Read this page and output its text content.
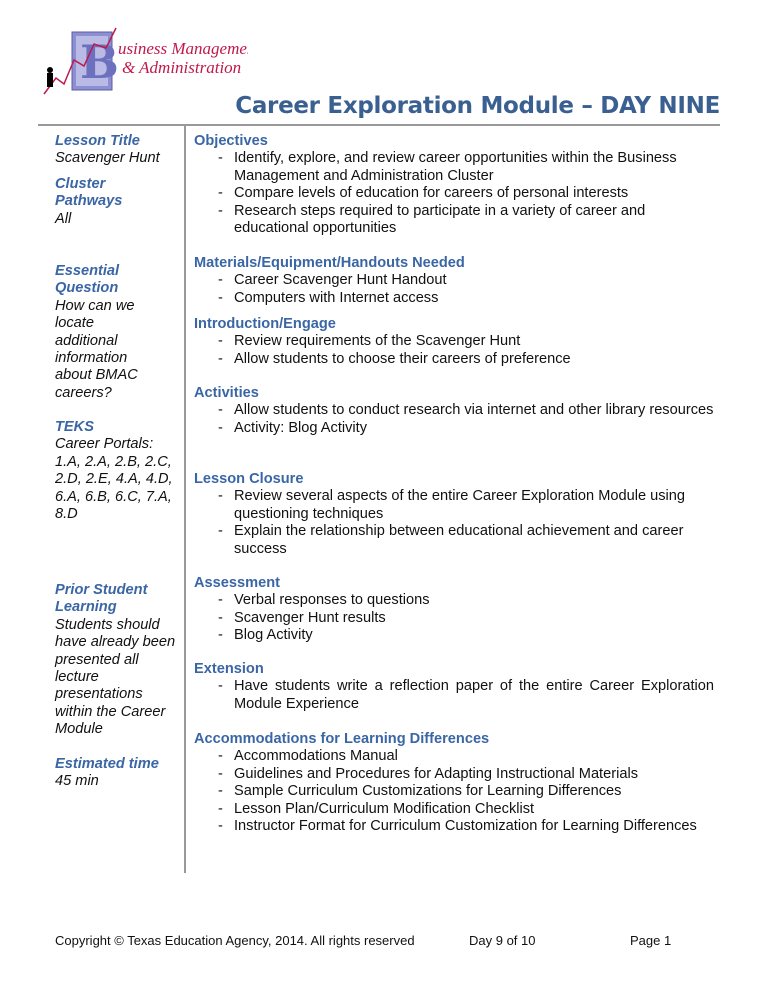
B usiness Management
& Administration
Career Exploration Module – DAY NINE
Lesson Title
Scavenger Hunt
Cluster Pathways
All
Essential Question
How can we locate additional information about BMAC careers?
TEKS
Career Portals: 1.A, 2.A, 2.B, 2.C, 2.D, 2.E, 4.A, 4.D, 6.A, 6.B, 6.C, 7.A, 8.D
Prior Student Learning
Students should have already been presented all lecture presentations within the Career Module
Estimated time
45 min
Objectives
- Identify, explore, and review career opportunities within the Business Management and Administration Cluster
- Compare levels of education for careers of personal interests
- Research steps required to participate in a variety of career and educational opportunities
Materials/Equipment/Handouts Needed
- Career Scavenger Hunt Handout
- Computers with Internet access
Introduction/Engage
- Review requirements of the Scavenger Hunt
- Allow students to choose their careers of preference
Activities
- Allow students to conduct research via internet and other library resources
- Activity: Blog Activity
Lesson Closure
- Review several aspects of the entire Career Exploration Module using questioning techniques
- Explain the relationship between educational achievement and career success
Assessment
- Verbal responses to questions
- Scavenger Hunt results
- Blog Activity
Extension
- Have students write a reflection paper of the entire Career Exploration Module Experience
Accommodations for Learning Differences
- Accommodations Manual
- Guidelines and Procedures for Adapting Instructional Materials
- Sample Curriculum Customizations for Learning Differences
- Lesson Plan/Curriculum Modification Checklist
- Instructor Format for Curriculum Customization for Learning Differences
Copyright © Texas Education Agency, 2014. All rights reserved	Day 9 of 10	Page 1
